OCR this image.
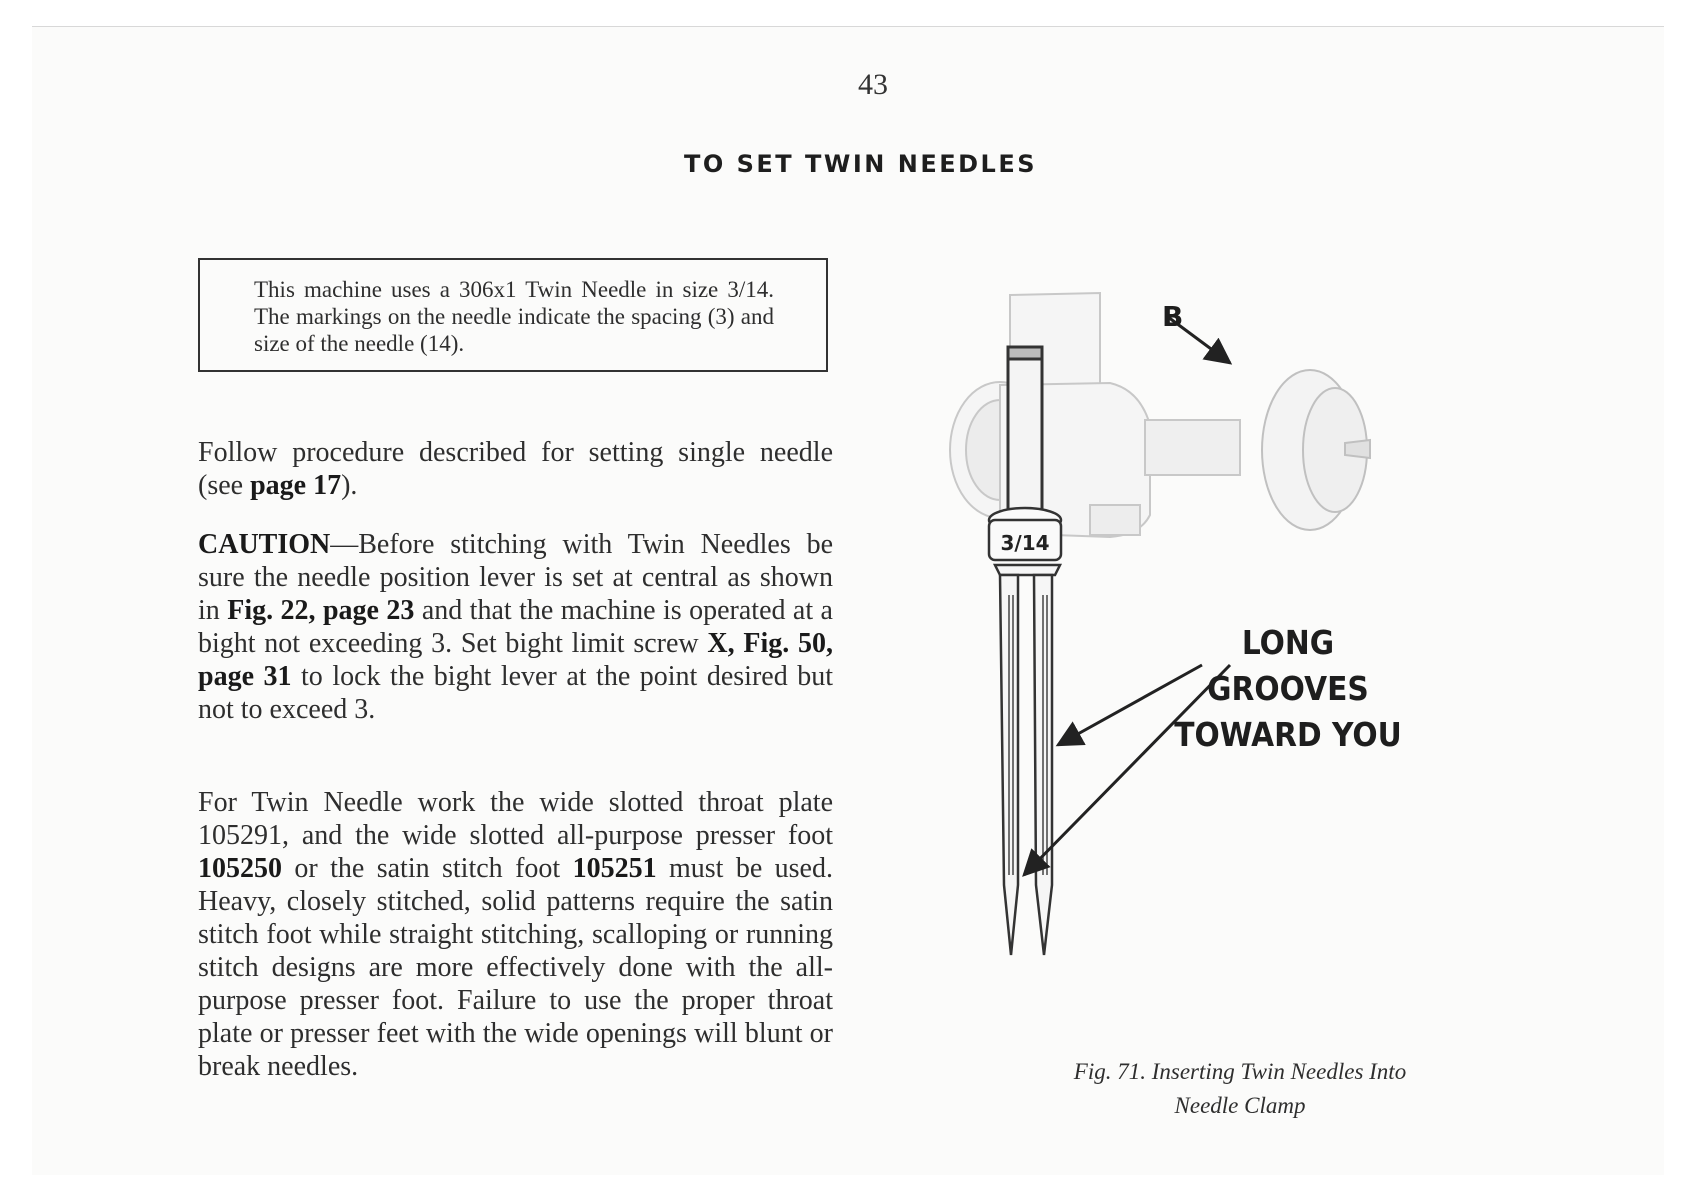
43
TO SET TWIN NEEDLES
This machine uses a 306x1 Twin Needle in size 3/14. The markings on the needle indicate the spacing (3) and size of the needle (14).

Follow procedure described for setting single needle (see page 17).

CAUTION—Before stitching with Twin Needles be sure the needle position lever is set at central as shown in Fig. 22, page 23 and that the machine is operated at a bight not exceeding 3. Set bight limit screw X, Fig. 50, page 31 to lock the bight lever at the point desired but not to exceed 3.

For Twin Needle work the wide slotted throat plate 105291, and the wide slotted all-purpose presser foot 105250 or the satin stitch foot 105251 must be used. Heavy, closely stitched, solid patterns require the satin stitch foot while straight stitching, scalloping or running stitch designs are more effectively done with the all-purpose presser foot. Failure to use the proper throat plate or presser feet with the wide openings will blunt or break needles.

3/14
B
LONG GROOVES
TOWARD YOU
Fig. 71. Inserting Twin Needles Into
Needle Clamp
